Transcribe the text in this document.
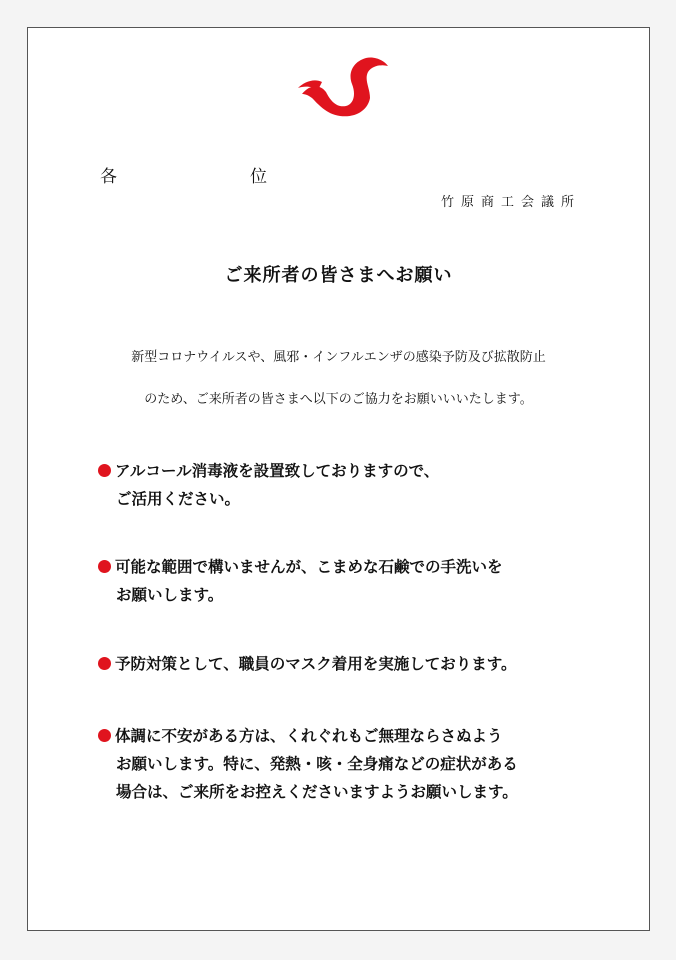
各　位
竹原商工会議所
ご来所者の皆さまへお願い
新型コロナウイルスや、風邪・インフルエンザの感染予防及び拡散防止
のため、ご来所者の皆さまへ以下のご協力をお願いいいたします。
アルコール消毒液を設置致しておりますので、
ご活用ください。
可能な範囲で構いませんが、こまめな石鹸での手洗いを
お願いします。
予防対策として、職員のマスク着用を実施しております。
体調に不安がある方は、くれぐれもご無理ならさぬよう
お願いします。特に、発熱・咳・全身痛などの症状がある
場合は、ご来所をお控えくださいますようお願いします。
